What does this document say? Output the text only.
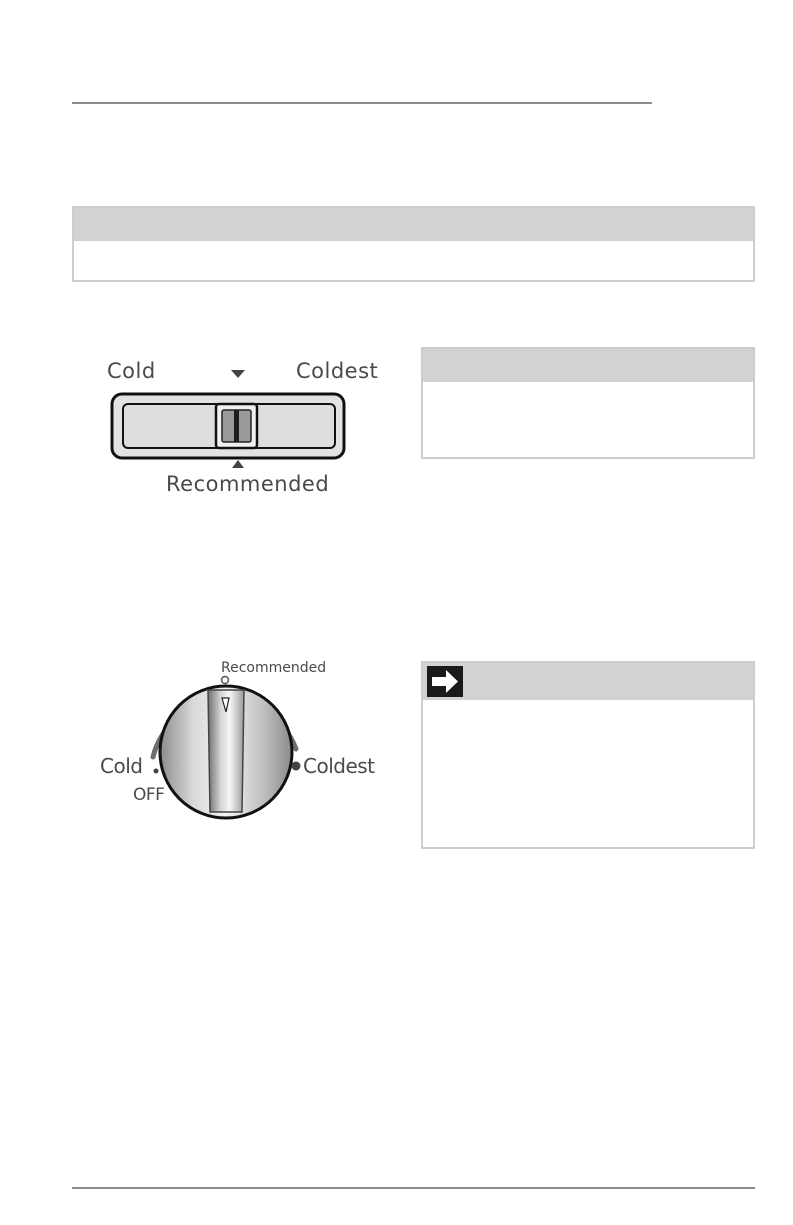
Cold	Coldest
Recommended
Recommended
Cold
OFF
Coldest
